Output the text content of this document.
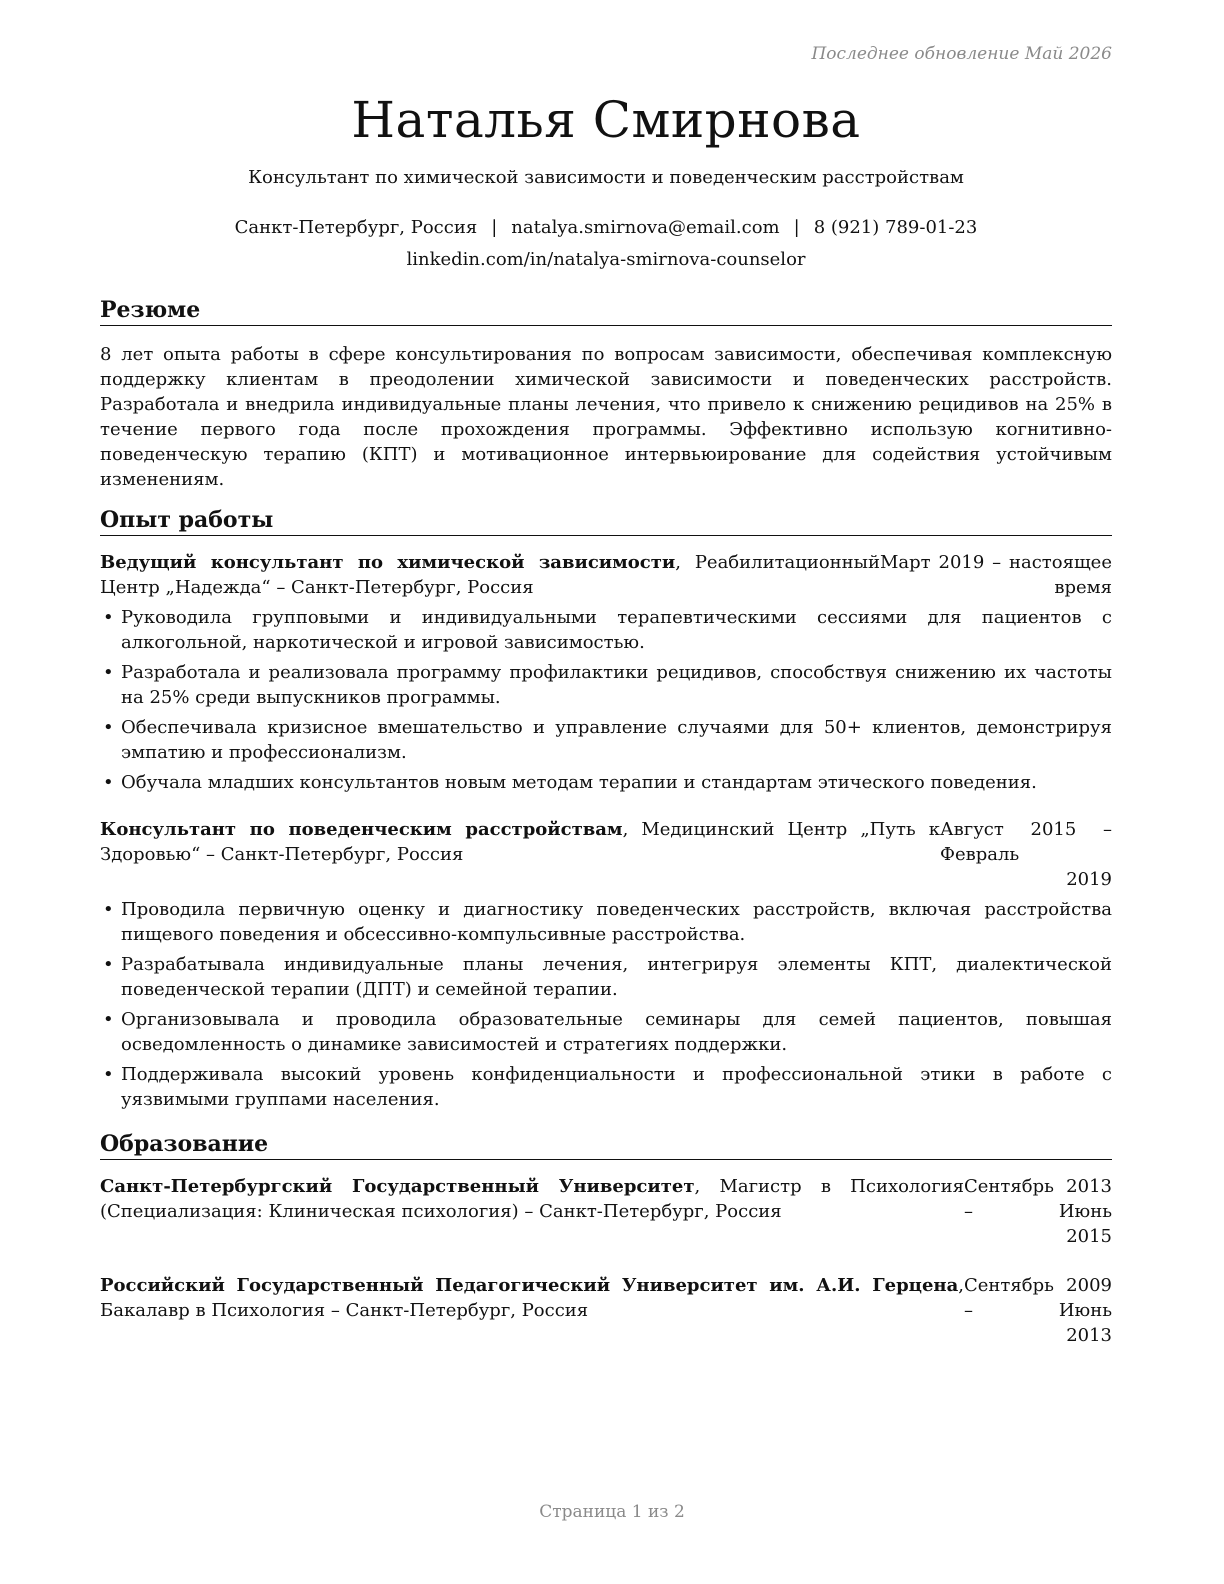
Последнее обновление Май 2026
Наталья Смирнова
Консультант по химической зависимости и поведенческим расстройствам
Санкт-Петербург, Россия | natalya.smirnova@email.com | 8 (921) 789-01-23
linkedin.com/in/natalya-smirnova-counselor
Резюме
8 лет опыта работы в сфере консультирования по вопросам зависимости, обеспечивая комплексную поддержку клиентам в преодолении химической зависимости и поведенческих расстройств. Разработала и внедрила индивидуальные планы лечения, что привело к снижению рецидивов на 25% в течение первого года после прохождения программы. Эффективно использую когнитивно-поведенческую терапию (КПТ) и мотивационное интервьюирование для содействия устойчивым изменениям.
Опыт работы
Ведущий консультант по химической зависимости, Реабилитационный Центр „Надежда“ – Санкт-Петербург, Россия
Март 2019 – настоящее
время
• Руководила групповыми и индивидуальными терапевтическими сессиями для пациентов с алкогольной, наркотической и игровой зависимостью.
• Разработала и реализовала программу профилактики рецидивов, способствуя снижению их частоты на 25% среди выпускников программы.
• Обеспечивала кризисное вмешательство и управление случаями для 50+ клиентов, демонстрируя эмпатию и профессионализм.
• Обучала младших консультантов новым методам терапии и стандартам этического поведения.
Консультант по поведенческим расстройствам, Медицинский Центр „Путь к Здоровью“ – Санкт-Петербург, Россия
Август 2015 – Февраль
2019
• Проводила первичную оценку и диагностику поведенческих расстройств, включая расстройства пищевого поведения и обсессивно-компульсивные расстройства.
• Разрабатывала индивидуальные планы лечения, интегрируя элементы КПТ, диалектической поведенческой терапии (ДПТ) и семейной терапии.
• Организовывала и проводила образовательные семинары для семей пациентов, повышая осведомленность о динамике зависимостей и стратегиях поддержки.
• Поддерживала высокий уровень конфиденциальности и профессиональной этики в работе с уязвимыми группами населения.
Образование
Санкт-Петербургский Государственный Университет, Магистр в Психология (Специализация: Клиническая психология) – Санкт-Петербург, Россия
Сентябрь 2013 – Июнь
2015
Российский Государственный Педагогический Университет им. А.И. Герцена, Бакалавр в Психология – Санкт-Петербург, Россия
Сентябрь 2009 – Июнь
2013
Страница 1 из 2
